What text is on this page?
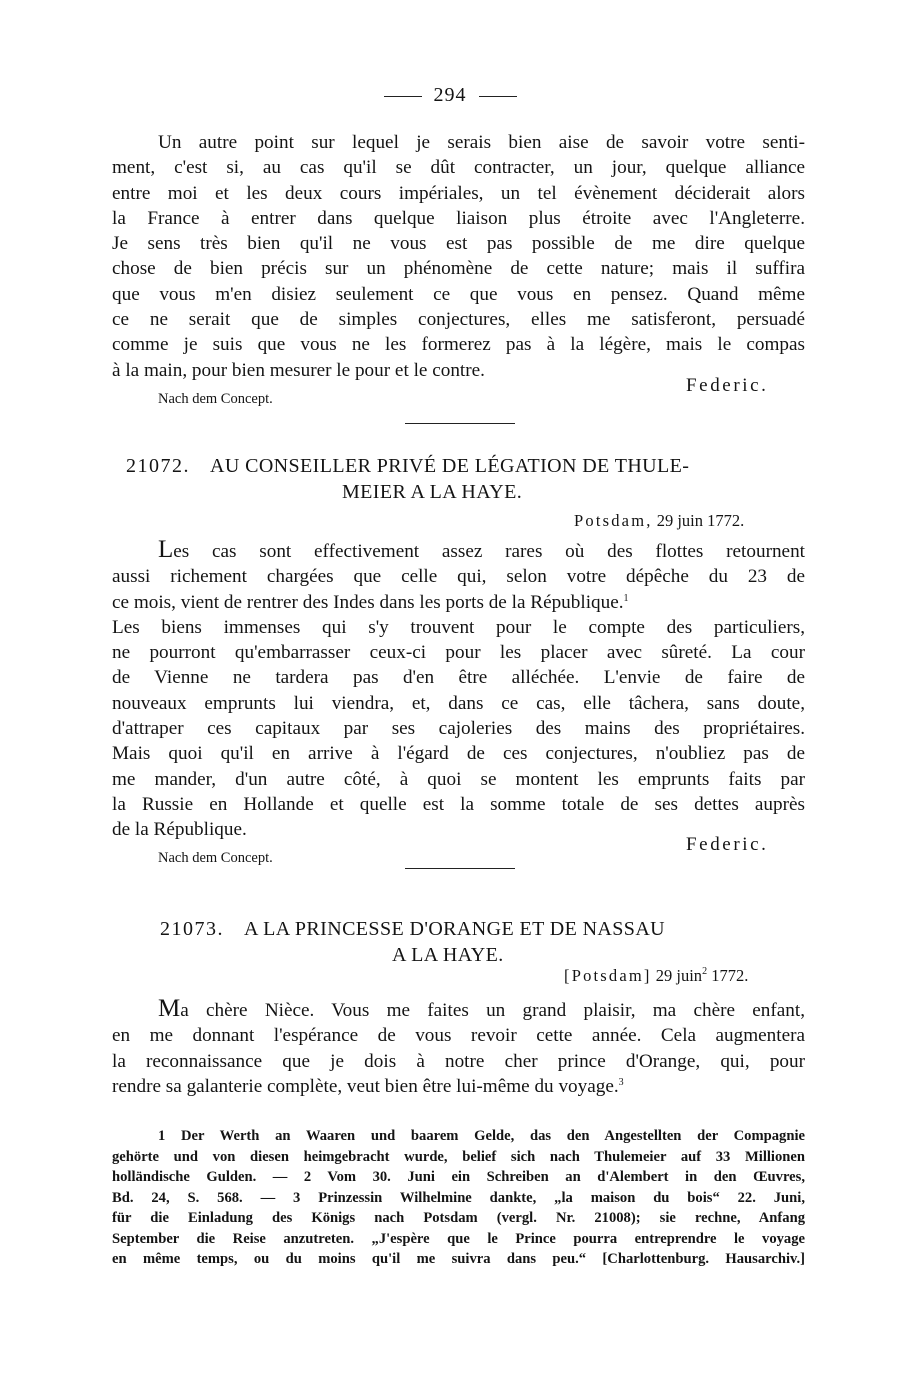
294
Un autre point sur lequel je serais bien aise de savoir votre senti-
ment, c'est si, au cas qu'il se dût contracter, un jour, quelque alliance
entre moi et les deux cours impériales, un tel évènement déciderait alors
la France à entrer dans quelque liaison plus étroite avec l'Angleterre.
Je sens très bien qu'il ne vous est pas possible de me dire quelque
chose de bien précis sur un phénomène de cette nature; mais il suffira
que vous m'en disiez seulement ce que vous en pensez. Quand même
ce ne serait que de simples conjectures, elles me satisferont, persuadé
comme je suis que vous ne les formerez pas à la légère, mais le compas
à la main, pour bien mesurer le pour et le contre.
Federic.
Nach dem Concept.
21072. AU CONSEILLER PRIVÉ DE LÉGATION DE THULE-
MEIER A LA HAYE.
Potsdam, 29 juin 1772.
Les cas sont effectivement assez rares où des flottes retournent
aussi richement chargées que celle qui, selon votre dépêche du 23 de
ce mois, vient de rentrer des Indes dans les ports de la République.$^1$
Les biens immenses qui s'y trouvent pour le compte des particuliers,
ne pourront qu'embarrasser ceux-ci pour les placer avec sûreté. La cour
de Vienne ne tardera pas d'en être alléchée. L'envie de faire de
nouveaux emprunts lui viendra, et, dans ce cas, elle tâchera, sans doute,
d'attraper ces capitaux par ses cajoleries des mains des propriétaires.
Mais quoi qu'il en arrive à l'égard de ces conjectures, n'oubliez pas de
me mander, d'un autre côté, à quoi se montent les emprunts faits par
la Russie en Hollande et quelle est la somme totale de ses dettes auprès
de la République.
Federic.
Nach dem Concept.
21073. A LA PRINCESSE D'ORANGE ET DE NASSAU
A LA HAYE.
[Potsdam] 29 juin$^2$ 1772.
Ma chère Nièce. Vous me faites un grand plaisir, ma chère enfant,
en me donnant l'espérance de vous revoir cette année. Cela augmentera
la reconnaissance que je dois à notre cher prince d'Orange, qui, pour
rendre sa galanterie complète, veut bien être lui-même du voyage.$^3$
1 Der Werth an Waaren und baarem Gelde, das den Angestellten der Compagnie
gehörte und von diesen heimgebracht wurde, belief sich nach Thulemeier auf 33 Millionen
holländische Gulden. — 2 Vom 30. Juni ein Schreiben an d'Alembert in den Œuvres,
Bd. 24, S. 568. — 3 Prinzessin Wilhelmine dankte, „la maison du bois“ 22. Juni,
für die Einladung des Königs nach Potsdam (vergl. Nr. 21008); sie rechne, Anfang
September die Reise anzutreten. „J'espère que le Prince pourra entreprendre le voyage
en même temps, ou du moins qu'il me suivra dans peu.“ [Charlottenburg. Hausarchiv.]
